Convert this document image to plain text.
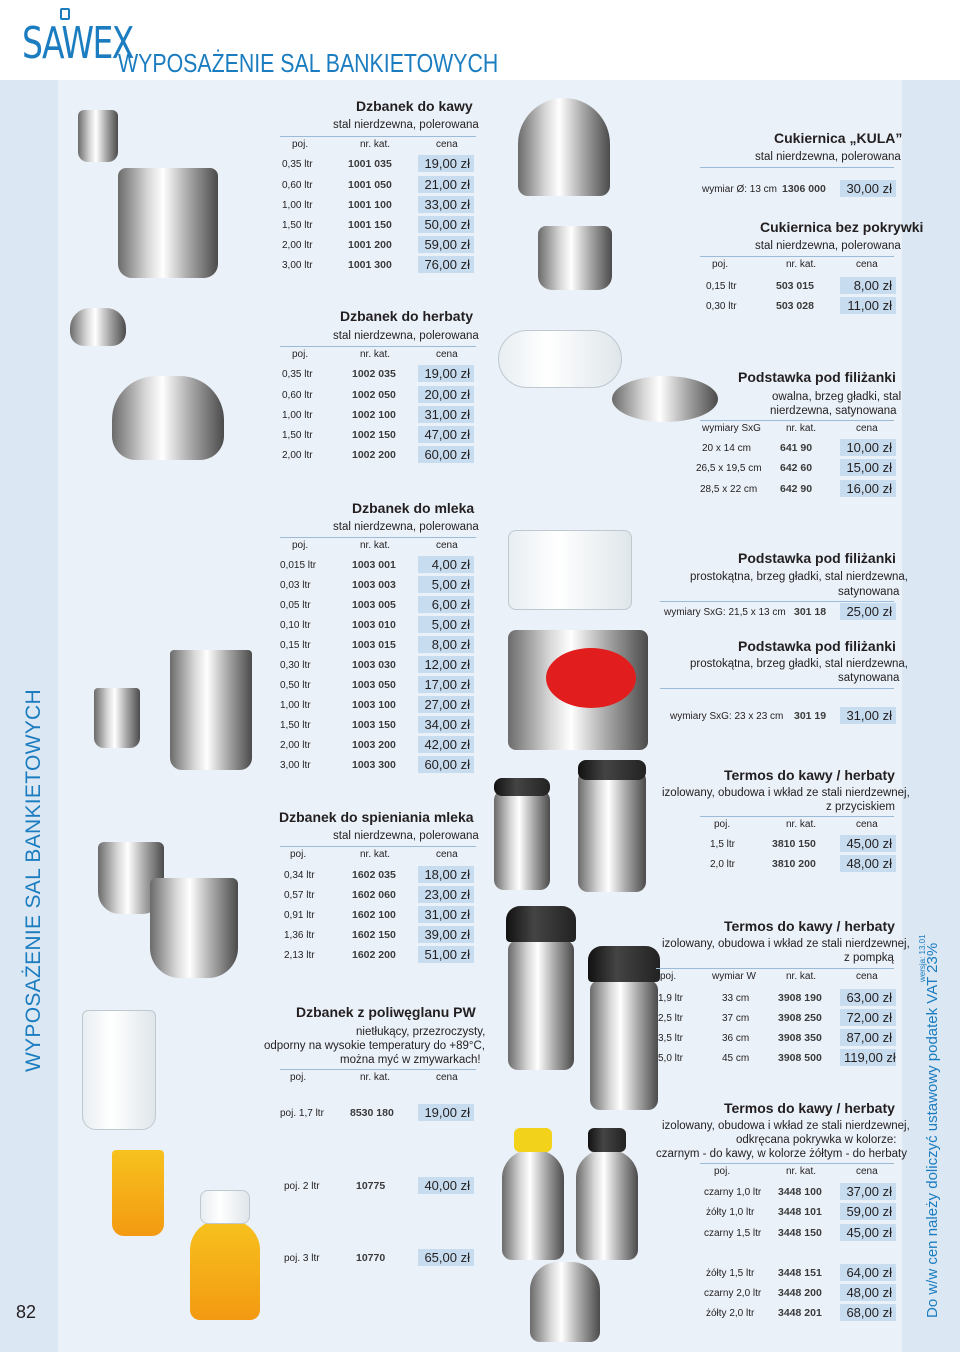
SAWEX
WYPOSAŻENIE SAL BANKIETOWYCH
WYPOSAŻENIE SAL BANKIETOWYCH
82	Do w/w cen należy doliczyć ustawowy podatek VAT 23%
wersja: 13.01
Dzbanek do kawy
stal nierdzewna, polerowana
poj.	nr. kat.	cena
0,35 ltr	1001 035	19,00 zł
0,60 ltr	1001 050	21,00 zł
1,00 ltr	1001 100	33,00 zł
1,50 ltr	1001 150	50,00 zł
2,00 ltr	1001 200	59,00 zł
3,00 ltr	1001 300	76,00 zł
Dzbanek do herbaty
stal nierdzewna, polerowana
poj.	nr. kat.	cena
0,35 ltr	1002 035	19,00 zł
0,60 ltr	1002 050	20,00 zł
1,00 ltr	1002 100	31,00 zł
1,50 ltr	1002 150	47,00 zł
2,00 ltr	1002 200	60,00 zł
Dzbanek do mleka
stal nierdzewna, polerowana
poj.	nr. kat.	cena
0,015 ltr	1003 001	4,00 zł
0,03 ltr	1003 003	5,00 zł
0,05 ltr	1003 005	6,00 zł
0,10 ltr	1003 010	5,00 zł
0,15 ltr	1003 015	8,00 zł
0,30 ltr	1003 030	12,00 zł
0,50 ltr	1003 050	17,00 zł
1,00 ltr	1003 100	27,00 zł
1,50 ltr	1003 150	34,00 zł
2,00 ltr	1003 200	42,00 zł
3,00 ltr	1003 300	60,00 zł
Dzbanek do spieniania mleka
stal nierdzewna, polerowana
poj.	nr. kat.	cena
0,34 ltr	1602 035	18,00 zł
0,57 ltr	1602 060	23,00 zł
0,91 ltr	1602 100	31,00 zł
1,36 ltr	1602 150	39,00 zł
2,13 ltr	1602 200	51,00 zł
Dzbanek z poliwęglanu PW
nietłukący, przezroczysty,
odporny na wysokie temperatury do +89°C,
można myć w zmywarkach!
poj.	nr. kat.	cena
poj. 1,7 ltr 8530 180	19,00 zł
poj. 2 ltr	10775	40,00 zł
poj. 3 ltr	10770	65,00 zł
Cukiernica „KULA”
stal nierdzewna, polerowana
wymiar Ø: 13 cm 1306 000	30,00 zł
Cukiernica bez pokrywki
stal nierdzewna, polerowana
poj.	nr. kat.	cena
0,15 ltr	503 015	8,00 zł
0,30 ltr	503 028	11,00 zł
Podstawka pod filiżanki
owalna, brzeg gładki, stal
nierdzewna, satynowana
wymiary SxG	nr. kat.	cena
20 x 14 cm	641 90	10,00 zł
26,5 x 19,5 cm 642 60	15,00 zł
28,5 x 22 cm 642 90	16,00 zł
Podstawka pod filiżanki
prostokątna, brzeg gładki, stal nierdzewna,
satynowana
wymiary SxG: 21,5 x 13 cm 301 18	25,00 zł
Podstawka pod filiżanki
prostokątna, brzeg gładki, stal nierdzewna,
satynowana
wymiary SxG: 23 x 23 cm 301 19	31,00 zł
Termos do kawy / herbaty
izolowany, obudowa i wkład ze stali nierdzewnej,
z przyciskiem
poj.	nr. kat.	cena
1,5 ltr	3810 150	45,00 zł
2,0 ltr	3810 200	48,00 zł
Termos do kawy / herbaty
izolowany, obudowa i wkład ze stali nierdzewnej,
z pompką
poj.	wymiar W	nr. kat.	cena
1,9 ltr	33 cm	3908 190	63,00 zł
2,5 ltr	37 cm	3908 250	72,00 zł
3,5 ltr	36 cm	3908 350	87,00 zł
5,0 ltr	45 cm	3908 500	119,00 zł
Termos do kawy / herbaty
izolowany, obudowa i wkład ze stali nierdzewnej,
odkręcana pokrywka w kolorze:
czarnym - do kawy, w kolorze żółtym - do herbaty
poj.	nr. kat.	cena
czarny 1,0 ltr 3448 100	37,00 zł
żółty 1,0 ltr 3448 101	59,00 zł
czarny 1,5 ltr 3448 150	45,00 zł
żółty 1,5 ltr 3448 151	64,00 zł
czarny 2,0 ltr 3448 200	48,00 zł
żółty 2,0 ltr 3448 201	68,00 zł
